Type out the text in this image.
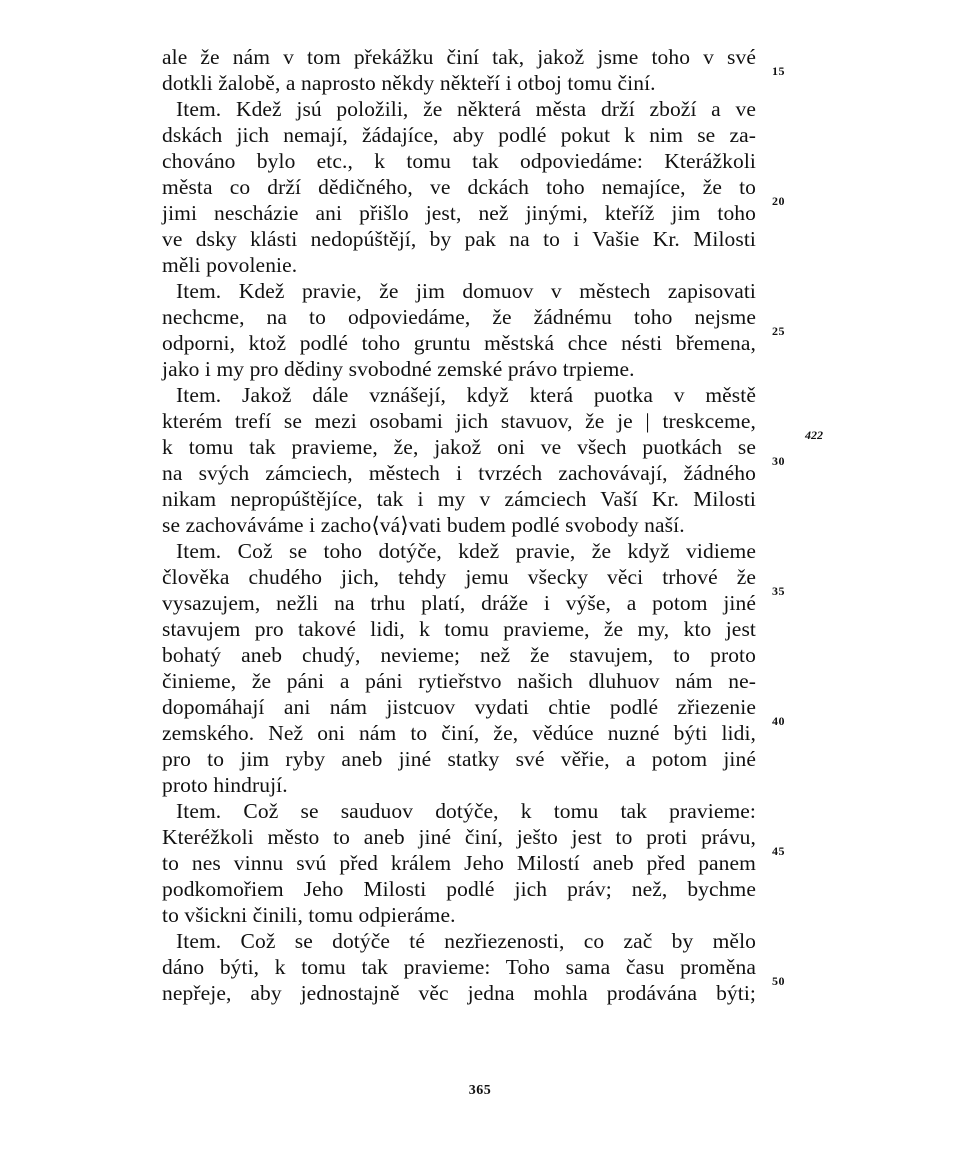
ale že nám v tom překážku činí tak, jakož jsme toho v své
dotkli žalobě, a naprosto někdy někteří i otboj tomu činí.
Item. Kdež jsú položili, že některá města drží zboží a ve
dskách jich nemají, žádajíce, aby podlé pokut k nim se za-
chováno bylo etc., k tomu tak odpoviedáme: Kterážkoli
města co drží dědičného, ve dckách toho nemajíce, že to
jimi nescházie ani přišlo jest, než jinými, kteříž jim toho
ve dsky klásti nedopúštějí, by pak na to i Vašie Kr. Milosti
měli povolenie.
Item. Kdež pravie, že jim domuov v městech zapisovati
nechcme, na to odpoviedáme, že žádnému toho nejsme
odporni, ktož podlé toho gruntu městská chce nésti břemena,
jako i my pro dědiny svobodné zemské právo trpieme.
Item. Jakož dále vznášejí, když která puotka v městě
kterém trefí se mezi osobami jich stavuov, že je | treskceme,
k tomu tak pravieme, že, jakož oni ve všech puotkách se
na svých zámciech, městech i tvrzéch zachovávají, žádného
nikam nepropúštějíce, tak i my v zámciech Vaší Kr. Milosti
se zachováváme i zacho⟨vá⟩vati budem podlé svobody naší.
Item. Což se toho dotýče, kdež pravie, že když vidieme
člověka chudého jich, tehdy jemu všecky věci trhové že
vysazujem, nežli na trhu platí, dráže i výše, a potom jiné
stavujem pro takové lidi, k tomu pravieme, že my, kto jest
bohatý aneb chudý, nevieme; než že stavujem, to proto
činieme, že páni a páni rytieřstvo našich dluhuov nám ne-
dopomáhají ani nám jistcuov vydati chtie podlé zřiezenie
zemského. Než oni nám to činí, že, vědúce nuzné býti lidi,
pro to jim ryby aneb jiné statky své věřie, a potom jiné
proto hindrují.
Item. Což se sauduov dotýče, k tomu tak pravieme:
Kteréžkoli město to aneb jiné činí, ješto jest to proti právu,
to nes vinnu svú před králem Jeho Milostí aneb před panem
podkomořiem Jeho Milosti podlé jich práv; než, bychme
to všickni činili, tomu odpieráme.
Item. Což se dotýče té nezřiezenosti, co zač by mělo
dáno býti, k tomu tak pravieme: Toho sama času proměna
nepřeje, aby jednostajně věc jedna mohla prodávána býti;
15
20
25
30
35
40
45
50
422
365
